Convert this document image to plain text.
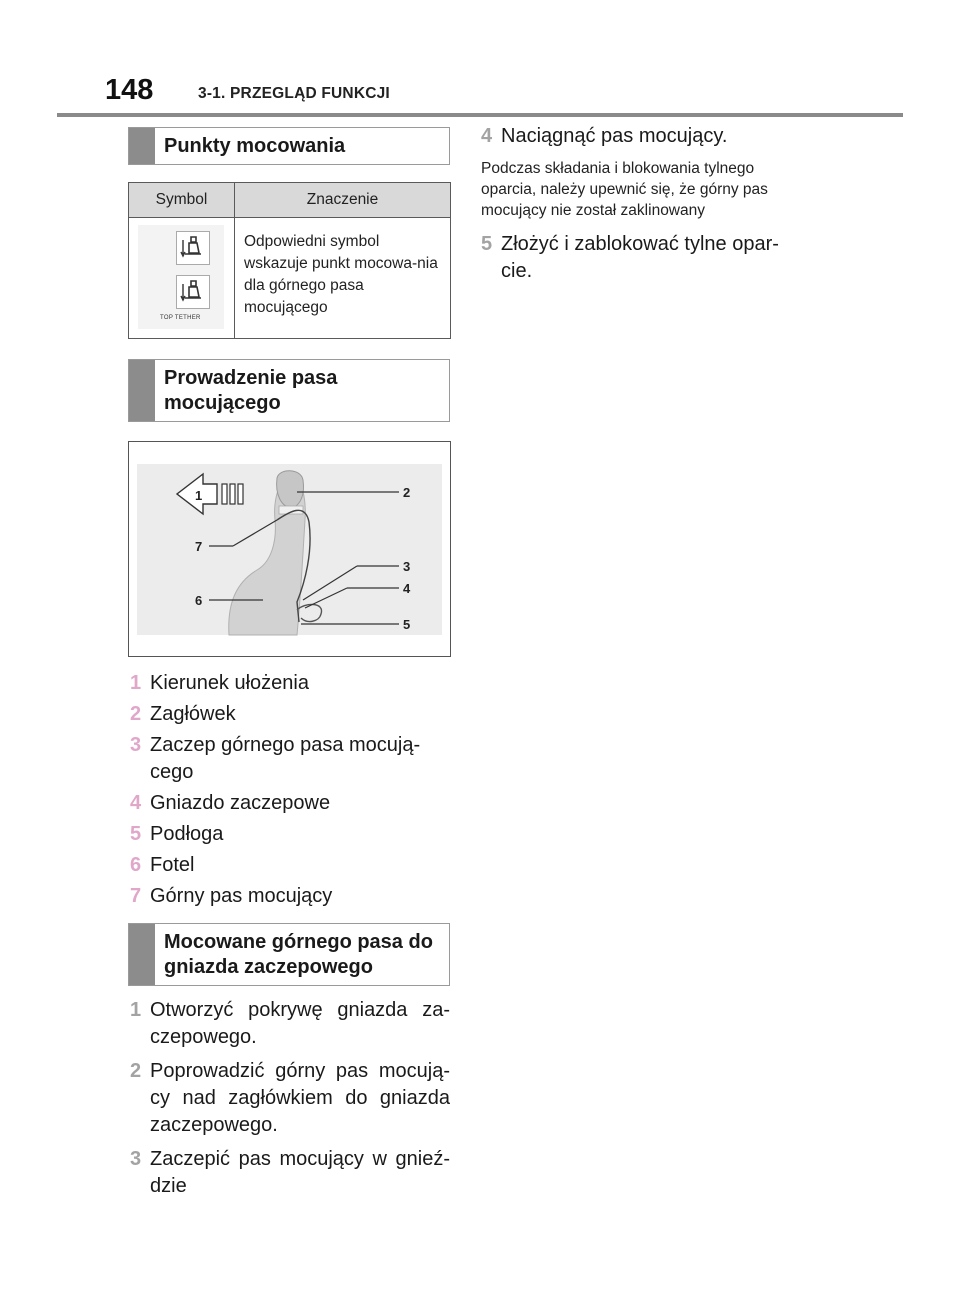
148	3-1. PRZEGLĄD FUNKCJI
Punkty mocowania
Symbol	Znaczenie

TOP TETHER	Odpowiedni symbol wskazuje punkt mocowa-nia dla górnego pasa mocującego
Prowadzenie pasa mocującego
1	2
3
4
5
6
7
1 Kierunek ułożenia
2 Zagłówek
3 Zaczep górnego pasa mocują-cego
4 Gniazdo zaczepowe
5 Podłoga
6 Fotel
7 Górny pas mocujący
Mocowane górnego pasa do gniazda zaczepowego
1 Otworzyć pokrywę gniazda za-czepowego.
2 Poprowadzić górny pas mocują-cy nad zagłówkiem do gniazda zaczepowego.
3 Zaczepić pas mocujący w gnieź-dzie
4 Naciągnąć pas mocujący.
Podczas składania i blokowania tylnego oparcia, należy upewnić się, że górny pas mocujący nie został zaklinowany
5 Złożyć i zablokować tylne opar-cie.
